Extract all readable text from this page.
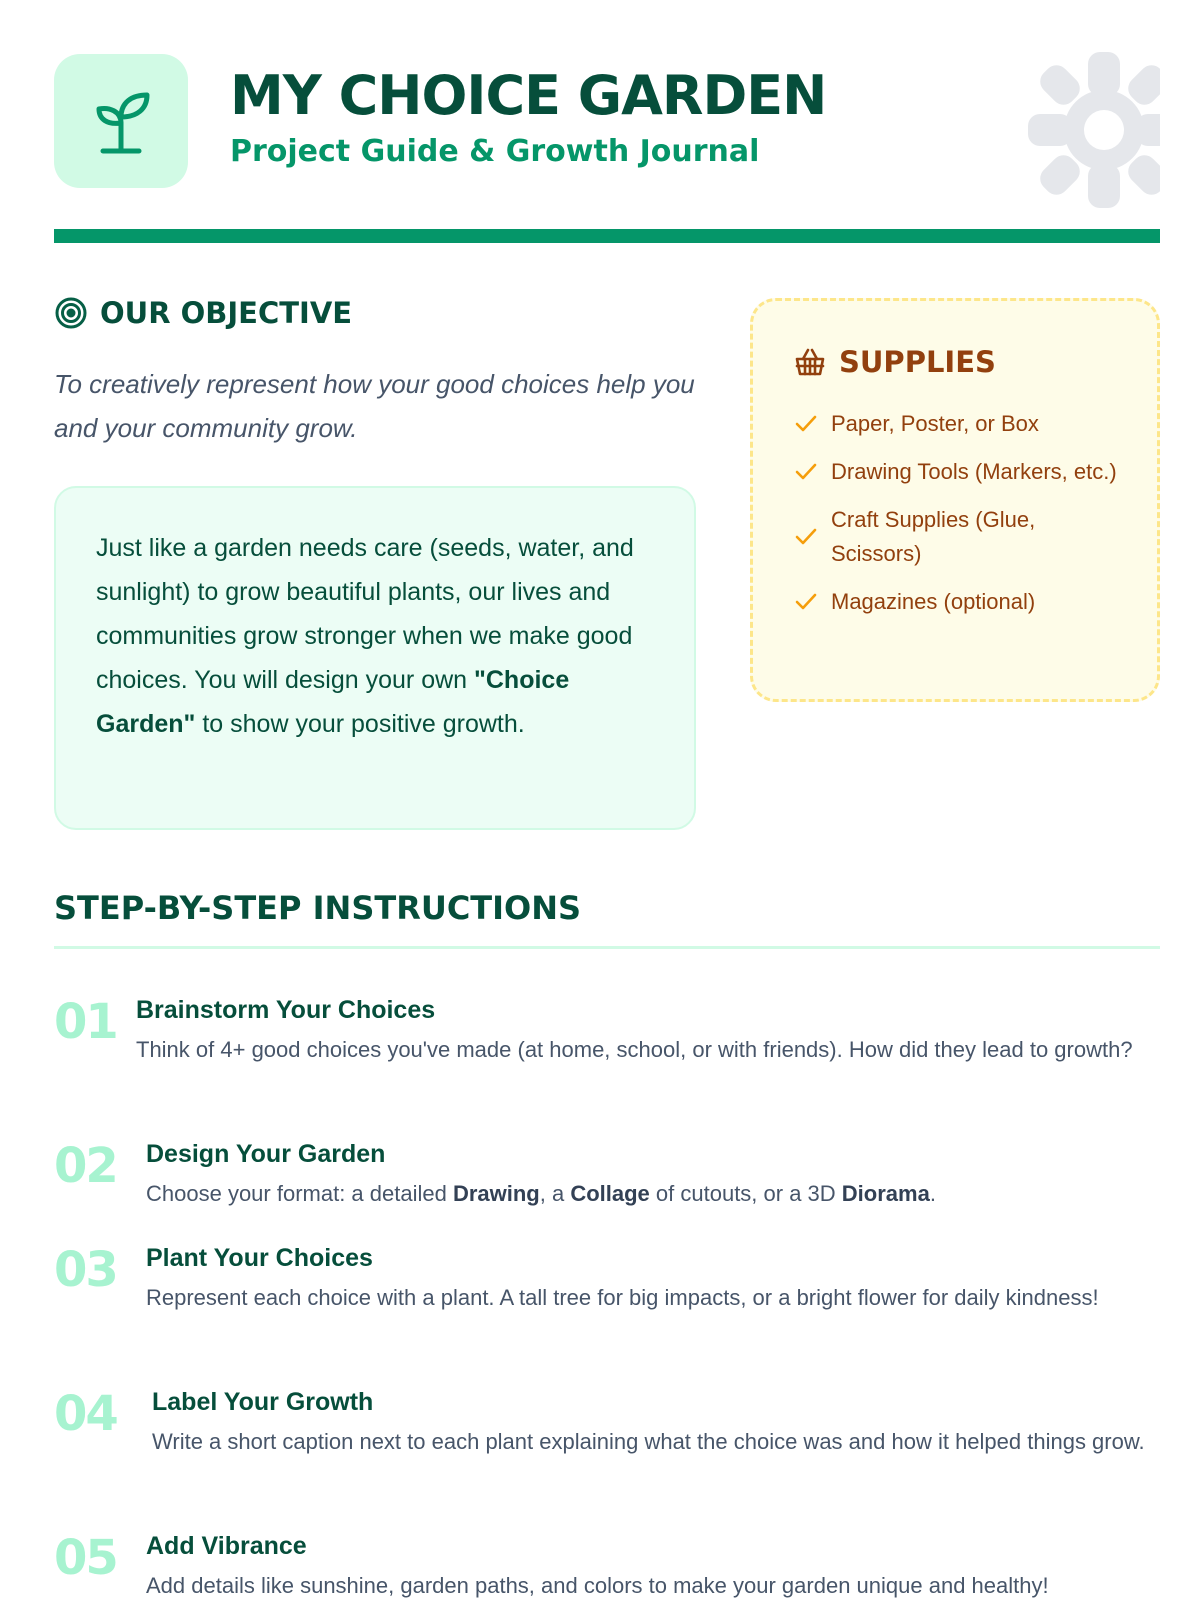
MY CHOICE GARDEN
Project Guide & Growth Journal
OUR OBJECTIVE

To creatively represent how your good choices help you and your community grow.

Just like a garden needs care (seeds, water, and sunlight) to grow beautiful plants, our lives and communities grow stronger when we make good choices. You will design your own "Choice Garden" to show your positive growth.
SUPPLIES
Paper, Poster, or Box
Drawing Tools (Markers, etc.)
Craft Supplies (Glue, Scissors)
Magazines (optional)
STEP-BY-STEP INSTRUCTIONS
01 Brainstorm Your Choices
Think of 4+ good choices you've made (at home, school, or with friends). How did they lead to growth?
02 Design Your Garden
Choose your format: a detailed Drawing, a Collage of cutouts, or a 3D Diorama.
03 Plant Your Choices
Represent each choice with a plant. A tall tree for big impacts, or a bright flower for daily kindness!
04 Label Your Growth
Write a short caption next to each plant explaining what the choice was and how it helped things grow.
05 Add Vibrance
Add details like sunshine, garden paths, and colors to make your garden unique and healthy!
